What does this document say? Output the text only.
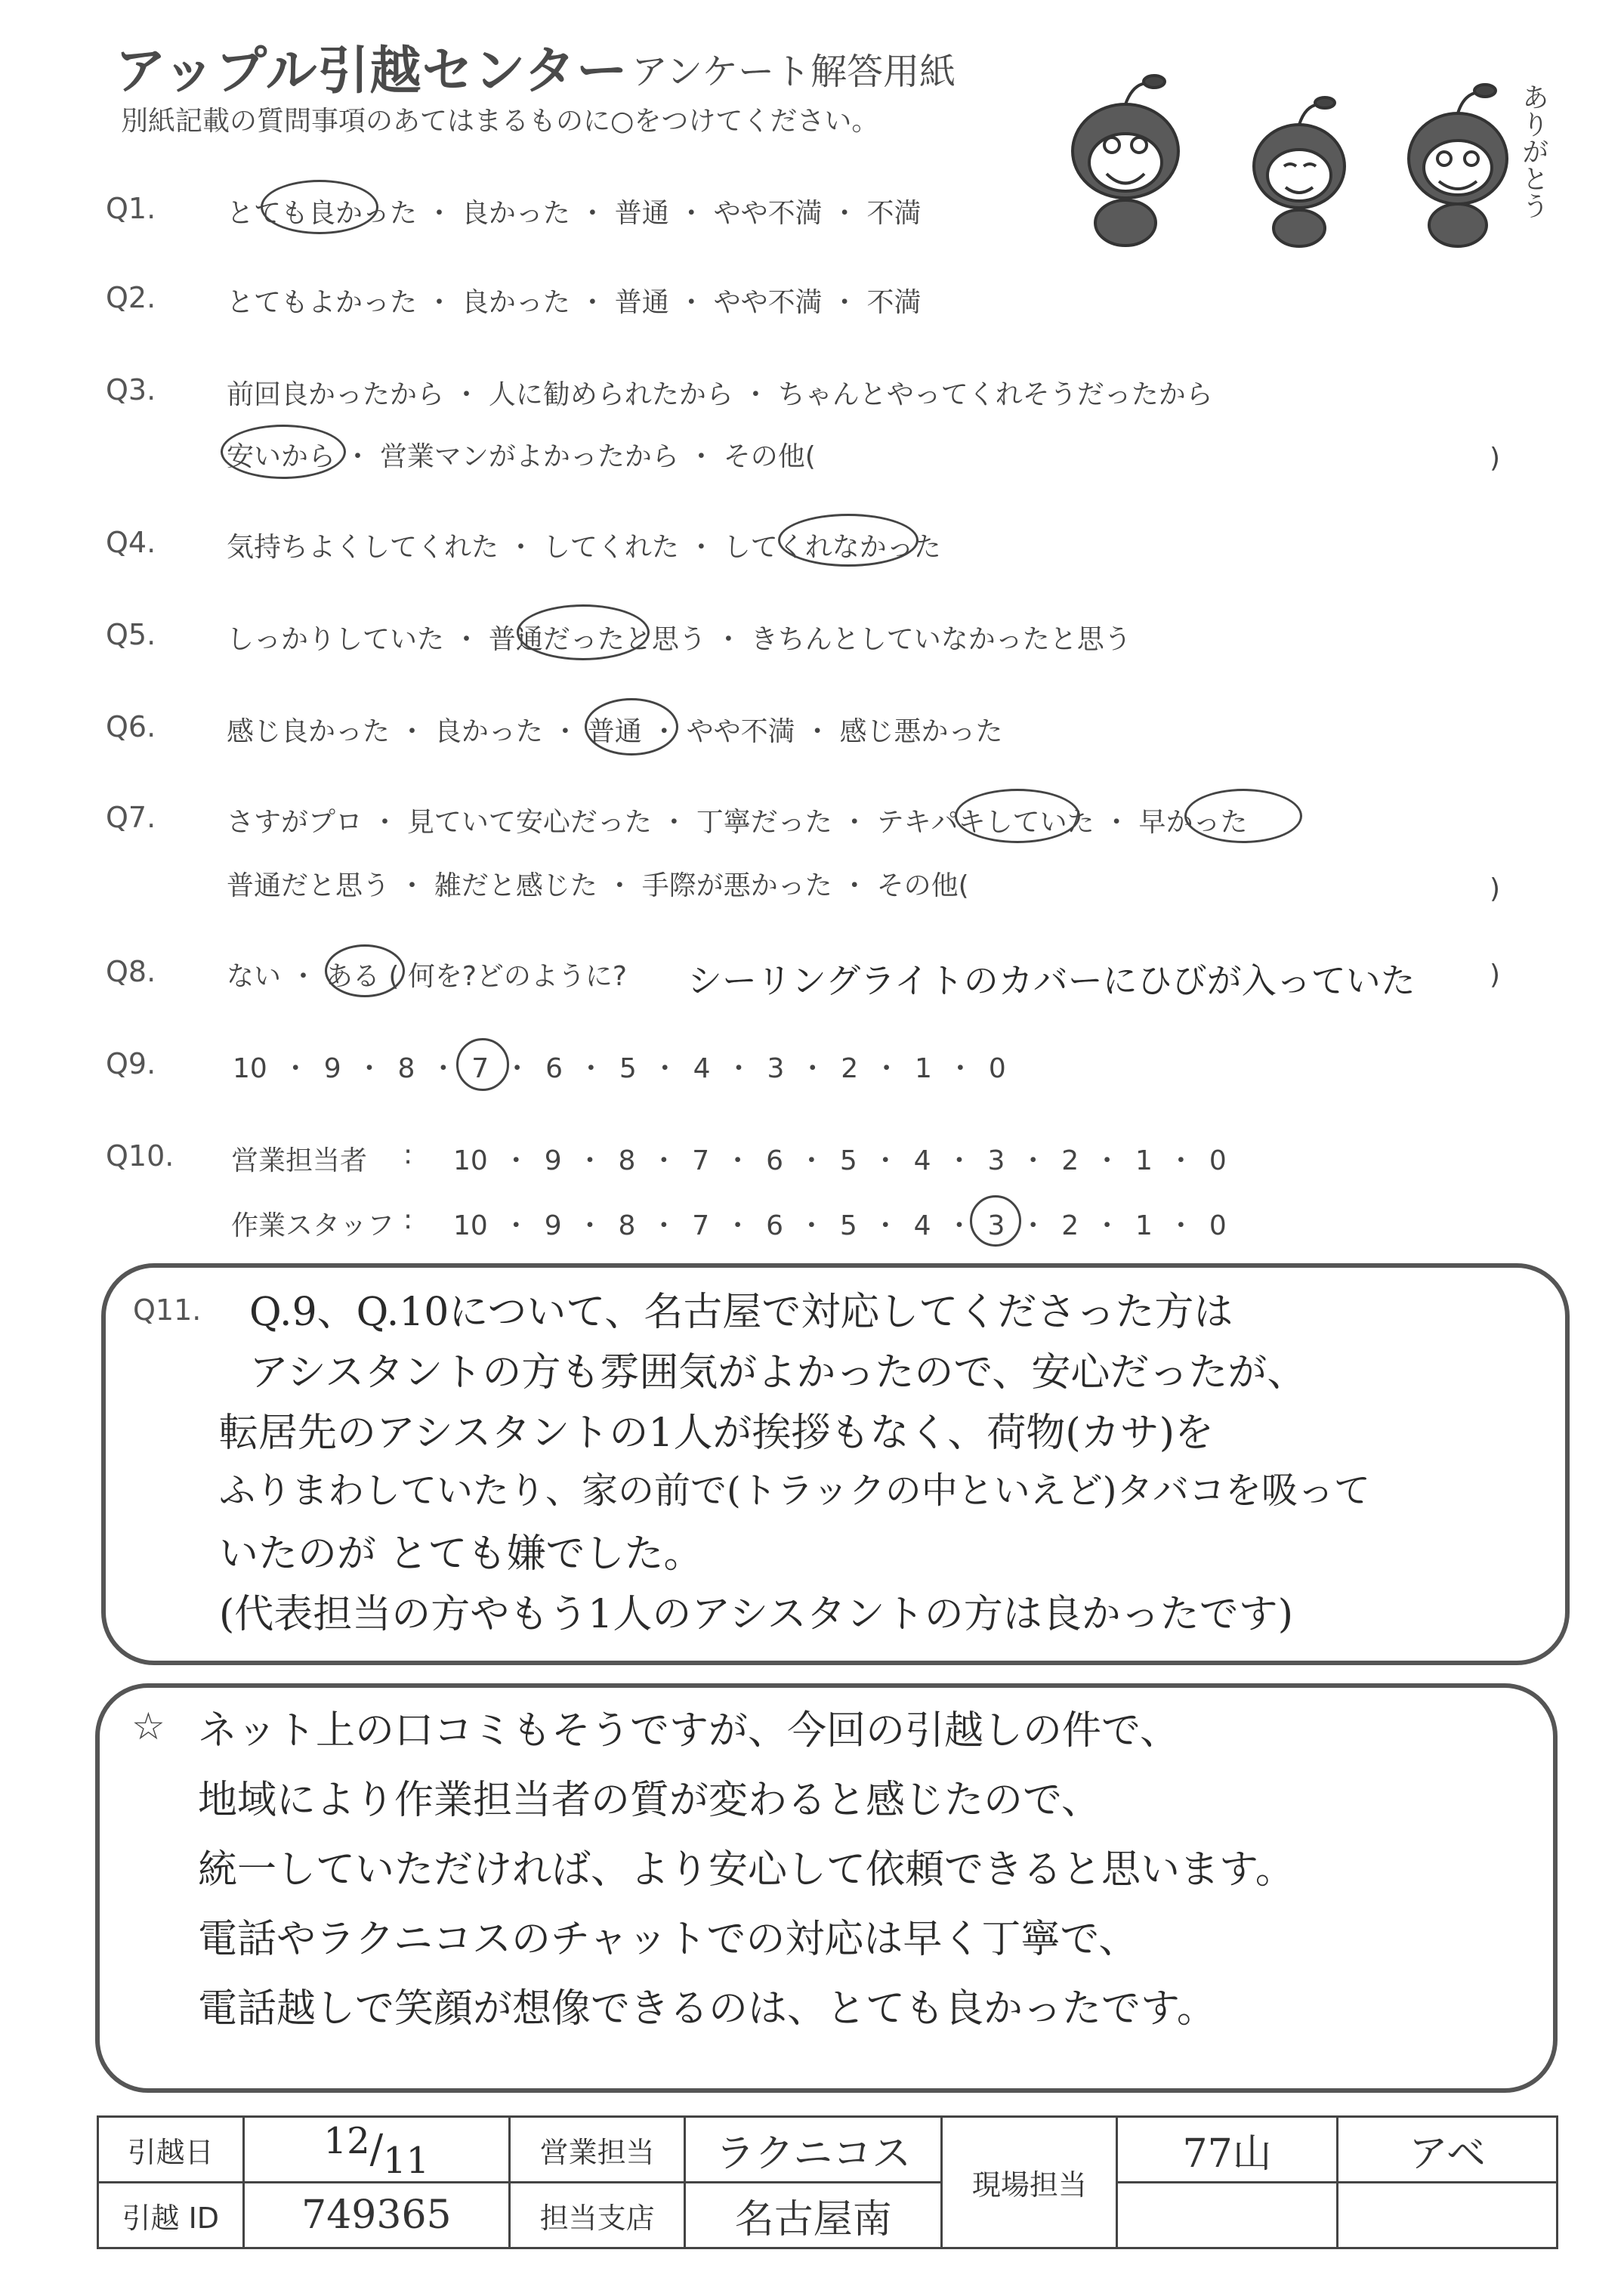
アップル引越センター アンケート解答用紙
別紙記載の質問事項のあてはまるものに○をつけてください。	ありがとう
Q1.	とても良かった ・ 良かった ・ 普通 ・ やや不満 ・ 不満
Q2.	とてもよかった ・ 良かった ・ 普通 ・ やや不満 ・ 不満
Q3.	前回良かったから ・ 人に勧められたから ・ ちゃんとやってくれそうだったから
安いから ・ 営業マンがよかったから ・ その他(	)
Q4.	気持ちよくしてくれた ・ してくれた ・ してくれなかった
Q5.	しっかりしていた ・ 普通だったと思う ・ きちんとしていなかったと思う
Q6.	感じ良かった ・ 良かった ・ 普通 ・ やや不満 ・ 感じ悪かった
Q7.	さすがプロ ・ 見ていて安心だった ・ 丁寧だった ・ テキパキしていた ・ 早かった
普通だと思う ・ 雑だと感じた ・ 手際が悪かった ・ その他(	)
Q8.	ない ・ ある ( 何を?どのように? シーリングライトのカバーにひびが入っていた	)
Q9.	10 ・ 9 ・ 8 ・ 7 ・ 6 ・ 5 ・ 4 ・ 3 ・ 2 ・ 1 ・ 0
Q10. 営業担当者 : 10 ・ 9 ・ 8 ・ 7 ・ 6 ・ 5 ・ 4 ・ 3 ・ 2 ・ 1 ・ 0
作業スタッフ : 10 ・ 9 ・ 8 ・ 7 ・ 6 ・ 5 ・ 4 ・ 3 ・ 2 ・ 1 ・ 0
Q11. Q.9、Q.10について、名古屋で対応してくださった方は
アシスタントの方も雰囲気がよかったので、安心だったが、
転居先のアシスタントの1人が挨拶もなく、荷物(カサ)を
ふりまわしていたり、家の前で(トラックの中といえど)タバコを吸って
いたのが とても嫌でした。
(代表担当の方やもう1人のアシスタントの方は良かったです)
☆ ネット上の口コミもそうですが、今回の引越しの件で、
地域により作業担当者の質が変わると感じたので、
統一していただければ、より安心して依頼できると思います。
電話やラクニコスのチャットでの対応は早く丁寧で、
電話越しで笑顔が想像できるのは、とても良かったです。
引越日	12/11	営業担当	ラクニコス	現場担当	77山	アベ
引越 ID	749365	担当支店	名古屋南			
